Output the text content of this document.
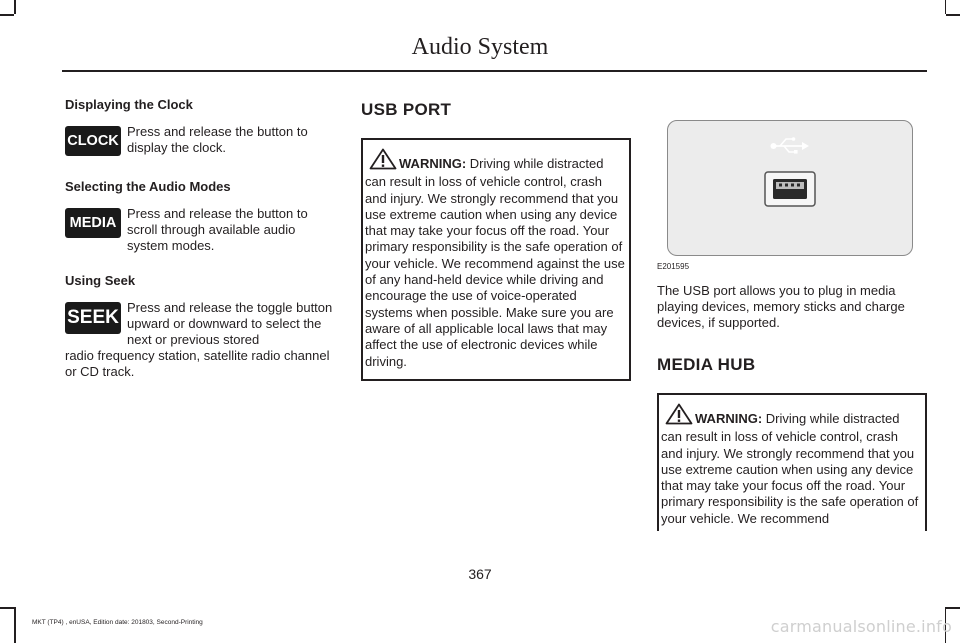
Audio System
Displaying the Clock
CLOCK
Press and release the button to display the clock.
Selecting the Audio Modes
MEDIA
Press and release the button to scroll through available audio system modes.
Using Seek
SEEK Press and release the toggle button upward or downward to select the next or previous stored

radio frequency station, satellite radio channel or CD track.

USB PORT
WARNING: Driving while distracted can result in loss of vehicle control, crash and injury. We strongly recommend that you use extreme caution when using any device that may take your focus off the road. Your primary responsibility is the safe operation of your vehicle. We recommend against the use of any hand-held device while driving and encourage the use of voice-operated systems when possible. Make sure you are aware of all applicable local laws that may affect the use of electronic devices while driving.
E201595

The USB port allows you to plug in media playing devices, memory sticks and charge devices, if supported.

MEDIA HUB
WARNING: Driving while distracted can result in loss of vehicle control, crash and injury. We strongly recommend that you use extreme caution when using any device that may take your focus off the road. Your primary responsibility is the safe operation of your vehicle. We recommend
367
MKT (TP4) , enUSA, Edition date: 201803, Second-Printing	carmanualsonline.info
